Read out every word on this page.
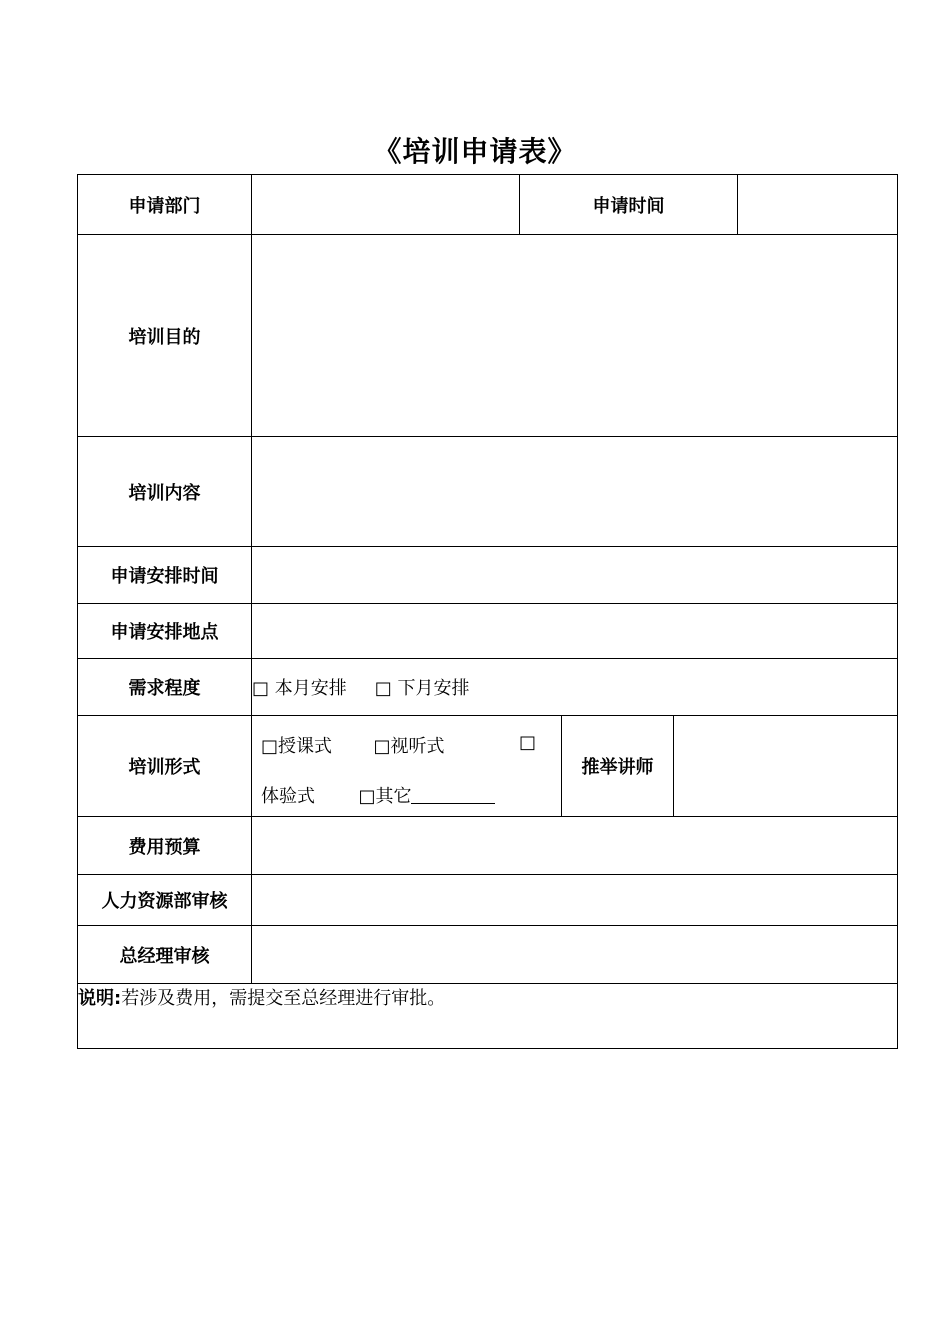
《培训申请表》
申请部门		申请时间			
培训目的					
培训内容					
申请安排时间					
申请安排地点					
需求程度	□ 本月安排 □ 下月安排				
培训形式	□授课式 □视听式 □
体验式 □其它		推举讲师		
费用预算					
人力资源部审核					
总经理审核					
说明:若涉及费用，需提交至总经理进行审批。					
